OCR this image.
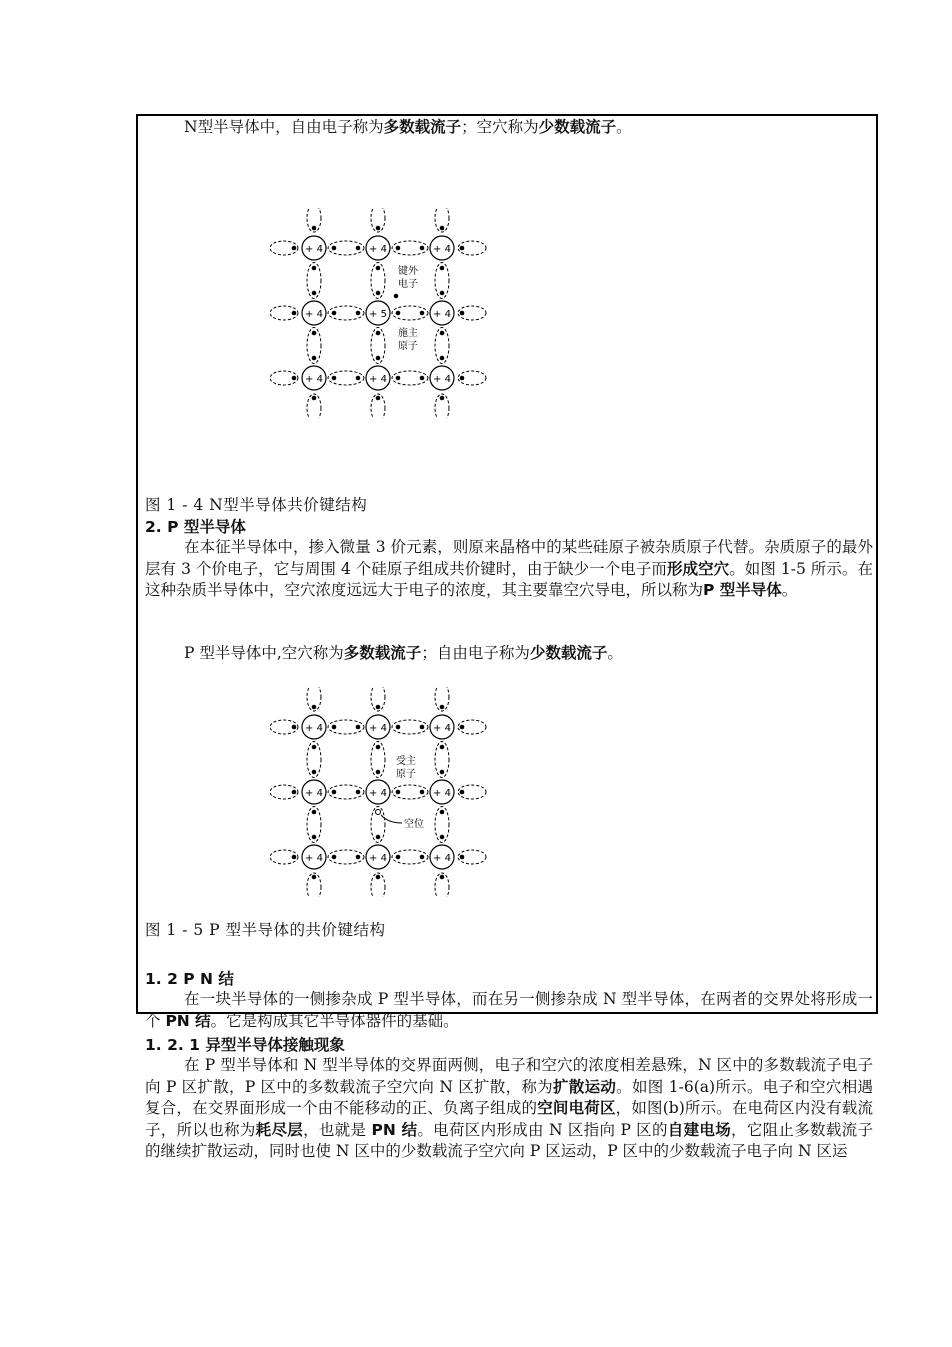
N型半导体中，自由电子称为多数载流子；空穴称为少数载流子。
+ 4	+ 4	+ 4
+ 4	+ 5	+ 4
+ 4	+ 4	+ 4
键外
电子
施主
原子
图 1 - 4 N型半导体共价键结构
2. P 型半导体
在本征半导体中，掺入微量 3 价元素，则原来晶格中的某些硅原子被杂质原子代替。杂质原子的最外层有 3 个价电子，它与周围 4 个硅原子组成共价键时，由于缺少一个电子而形成空穴。如图 1-5 所示。在这种杂质半导体中，空穴浓度远远大于电子的浓度，其主要靠空穴导电，所以称为P 型半导体。
P 型半导体中,空穴称为多数载流子；自由电子称为少数载流子。
+ 4	+ 4	+ 4
+ 4	+ 4	+ 4
+ 4	+ 4	+ 4
受主
原子
空位
图 1 - 5 P 型半导体的共价键结构
1. 2 P N 结
在一块半导体的一侧掺杂成 P 型半导体，而在另一侧掺杂成 N 型半导体，在两者的交界处将形成一个 PN 结。它是构成其它半导体器件的基础。
1. 2. 1 异型半导体接触现象
在 P 型半导体和 N 型半导体的交界面两侧，电子和空穴的浓度相差悬殊，N 区中的多数载流子电子向 P 区扩散，P 区中的多数载流子空穴向 N 区扩散，称为扩散运动。如图 1-6(a)所示。电子和空穴相遇复合，在交界面形成一个由不能移动的正、负离子组成的空间电荷区，如图(b)所示。在电荷区内没有载流子，所以也称为耗尽层，也就是 PN 结。电荷区内形成由 N 区指向 P 区的自建电场，它阻止多数载流子的继续扩散运动，同时也使 N 区中的少数载流子空穴向 P 区运动，P 区中的少数载流子电子向 N 区运
